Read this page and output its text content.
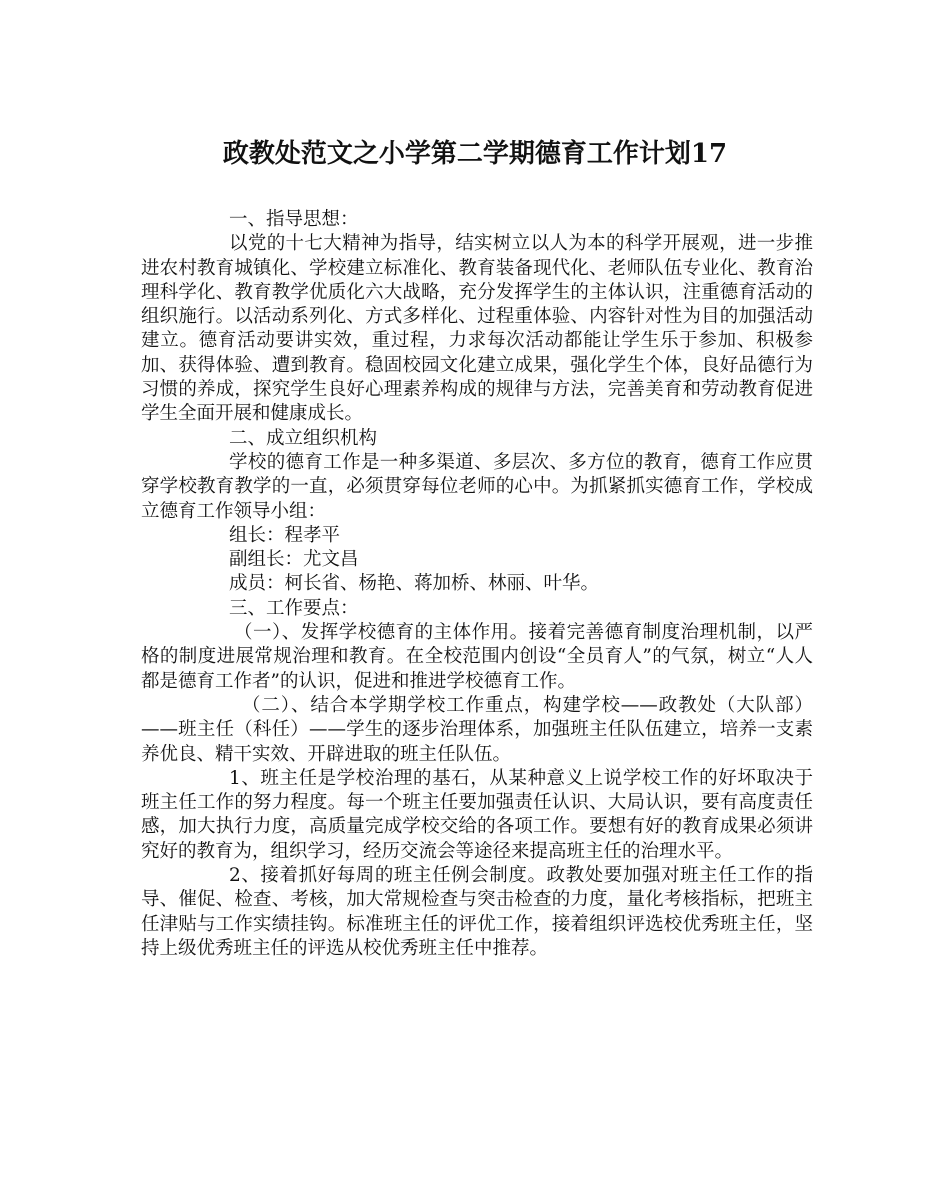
政教处范文之小学第二学期德育工作计划17

一、指导思想：

以党的十七大精神为指导，结实树立以人为本的科学开展观，进一步推进农村教育城镇化、学校建立标准化、教育装备现代化、老师队伍专业化、教育治理科学化、教育教学优质化六大战略，充分发挥学生的主体认识，注重德育活动的组织施行。以活动系列化、方式多样化、过程重体验、内容针对性为目的加强活动建立。德育活动要讲实效，重过程，力求每次活动都能让学生乐于参加、积极参加、获得体验、遭到教育。稳固校园文化建立成果，强化学生个体，良好品德行为习惯的养成，探究学生良好心理素养构成的规律与方法，完善美育和劳动教育促进学生全面开展和健康成长。

二、成立组织机构

学校的德育工作是一种多渠道、多层次、多方位的教育，德育工作应贯穿学校教育教学的一直，必须贯穿每位老师的心中。为抓紧抓实德育工作，学校成立德育工作领导小组：

组长：程孝平

副组长：尤文昌

成员：柯长省、杨艳、蒋加桥、林丽、叶华。

三、工作要点：

（一）、发挥学校德育的主体作用。接着完善德育制度治理机制，以严格的制度进展常规治理和教育。在全校范围内创设“全员育人”的气氛，树立“人人都是德育工作者”的认识，促进和推进学校德育工作。

（二）、结合本学期学校工作重点，构建学校——政教处（大队部）——班主任（科任）——学生的逐步治理体系，加强班主任队伍建立，培养一支素养优良、精干实效、开辟进取的班主任队伍。

1、班主任是学校治理的基石，从某种意义上说学校工作的好坏取决于班主任工作的努力程度。每一个班主任要加强责任认识、大局认识，要有高度责任感，加大执行力度，高质量完成学校交给的各项工作。要想有好的教育成果必须讲究好的教育为，组织学习，经历交流会等途径来提高班主任的治理水平。

2、接着抓好每周的班主任例会制度。政教处要加强对班主任工作的指导、催促、检查、考核，加大常规检查与突击检查的力度，量化考核指标，把班主任津贴与工作实绩挂钩。标准班主任的评优工作，接着组织评选校优秀班主任，坚持上级优秀班主任的评选从校优秀班主任中推荐。
